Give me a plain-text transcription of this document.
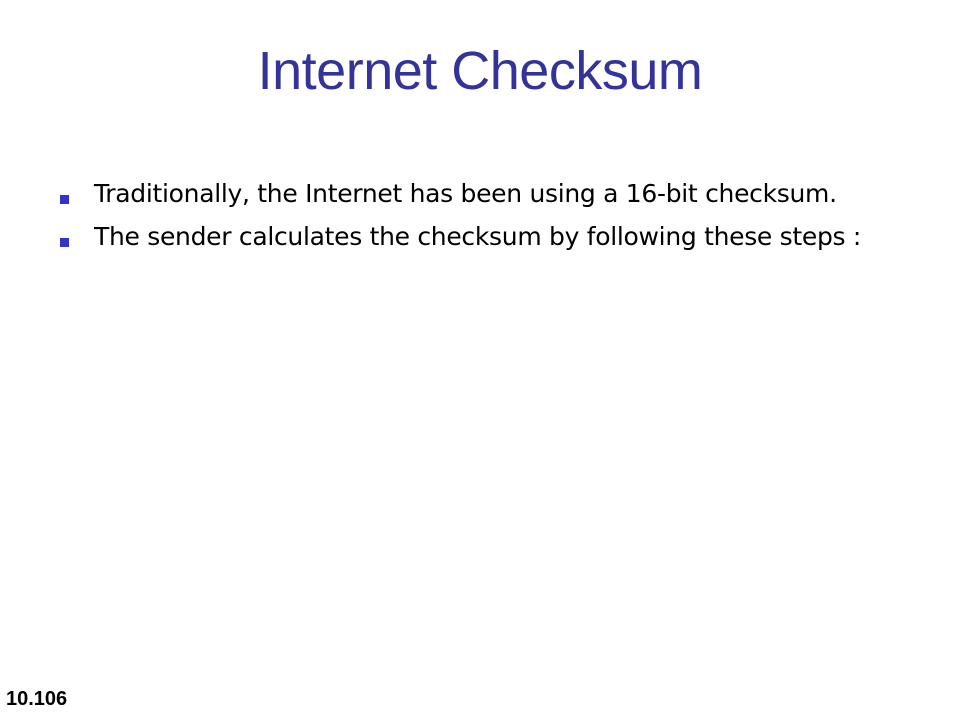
Internet Checksum
Traditionally, the Internet has been using a 16-bit checksum.
The sender calculates the checksum by following these steps :
10.106
